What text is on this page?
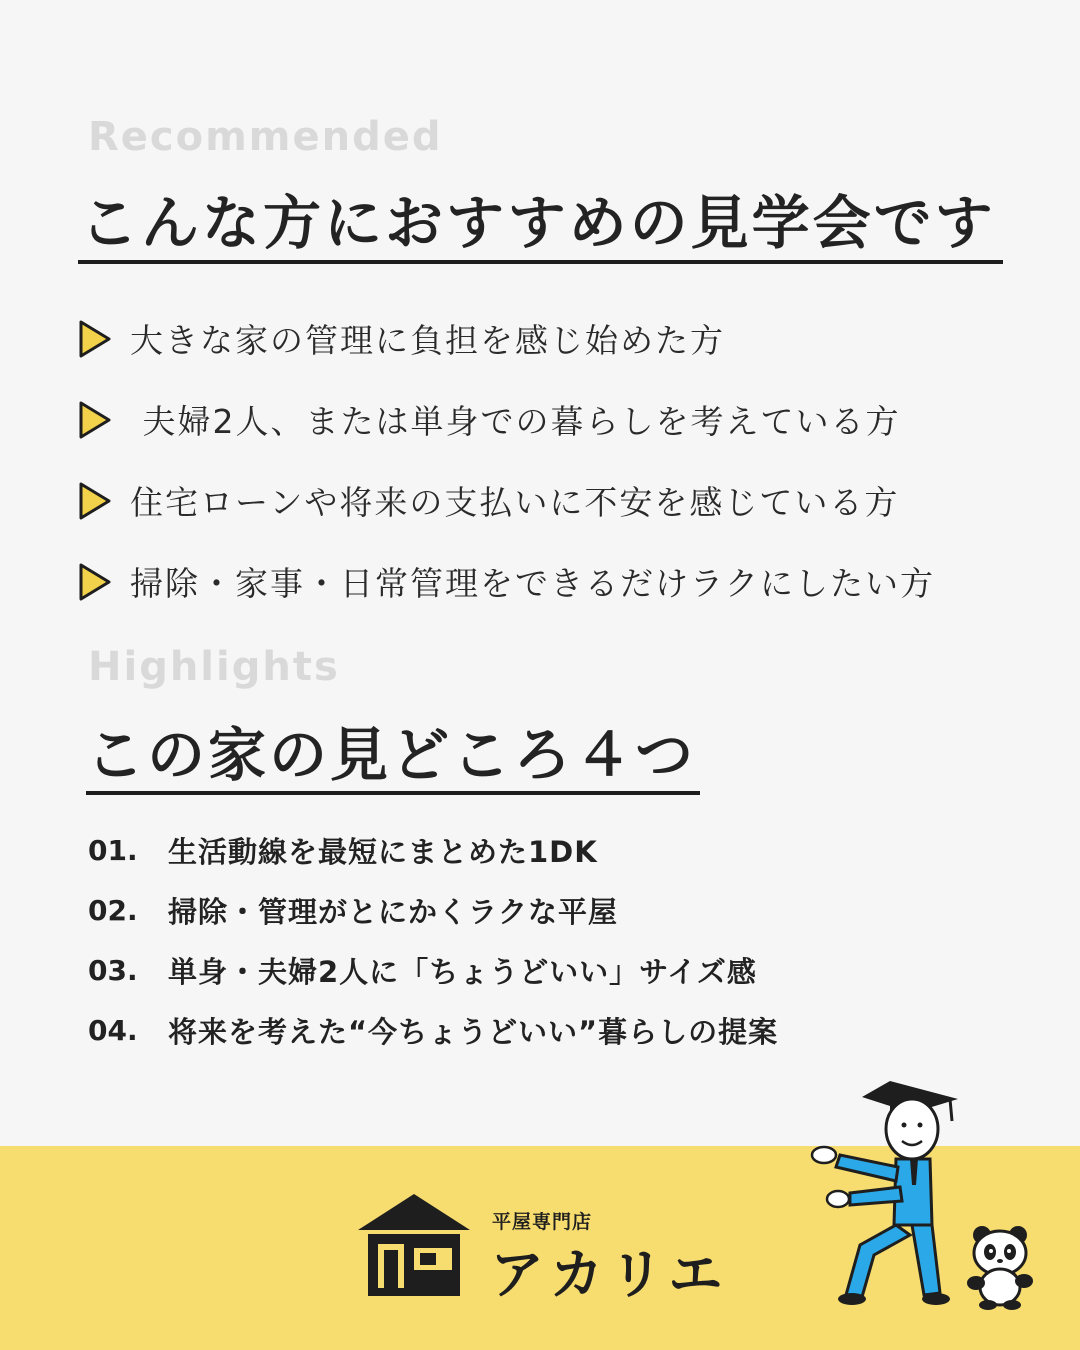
Recommended
こんな方におすすめの見学会です
大きな家の管理に負担を感じ始めた方
夫婦2人、または単身での暮らしを考えている方
住宅ローンや将来の支払いに不安を感じている方
掃除・家事・日常管理をできるだけラクにしたい方
Highlights
この家の見どころ４つ
01.	生活動線を最短にまとめた1DK
02.	掃除・管理がとにかくラクな平屋
03.	単身・夫婦2人に「ちょうどいい」サイズ感
04.	将来を考えた“今ちょうどいい”暮らしの提案
平屋専門店
アカリエ
